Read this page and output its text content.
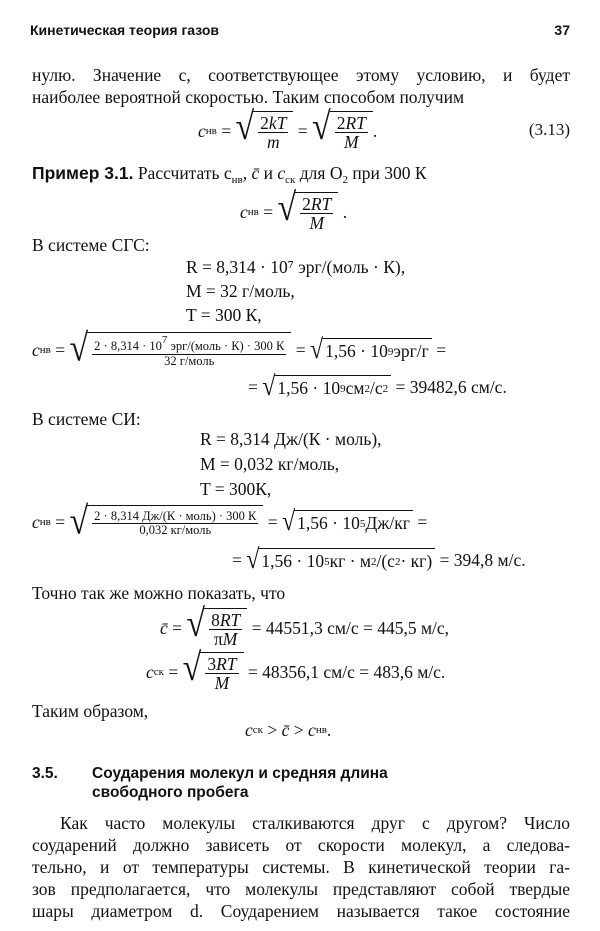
Кинетическая теория газов	37
нулю. Значение c, соответствующее этому условию, и будет
наиболее вероятной скоростью. Таким способом получим
c нв = √ $\frac{2kT}{m}$ = √ $\frac{2RT}{M}$ .	(3.13)
Пример 3.1. Рассчитать $c_{нв}$, c̄ и $c_{ск}$ для $O_2$ при 300 К
c нв = √ $\frac{2RT}{M}$ .
В системе СГС:
R = 8,314 · 10⁷ эрг/(моль · К),
M = 32 г/моль,
T = 300 К,
c нв = √ $\frac{2 \cdot 8,314 \cdot 10^7 эрг/(моль \cdot К) \cdot 300 К}{\text{32 г/моль}}$ = √ 1,56 · 10 9 эрг/г =
= √ 1,56 · 10 9 см 2 /с 2
= 39482,6 см/с.
В системе СИ:
R = 8,314 Дж/(К · моль),
M = 0,032 кг/моль,
T = 300К,
c нв = √ $\frac{\text{2 · 8,314 Дж/(К · моль) · 300 К}}{\text{0,032 кг/моль}}$ = √ 1,56 · 10 5 Дж/кг =
= √ 1,56 · 10 5 кг · м 2 /(с 2 · кг)
= 394,8 м/с.
Точно так же можно показать, что
c̄ = √ $\frac{8RT}{\pi M}$
= 44551,3 см/с = 445,5 м/с,
c ск = √ $\frac{3RT}{M}$
= 48356,1 см/с = 483,6 м/с.
Таким образом,
c ск > c̄ > c нв .
3.5. Соударения молекул и средняя длина
свободного пробега
Как часто молекулы сталкиваются друг с другом? Число
соударений должно зависеть от скорости молекул, а следова-
тельно, и от температуры системы. В кинетической теории га-
зов предполагается, что молекулы представляют собой твердые
шары диаметром d. Соударением называется такое состояние
